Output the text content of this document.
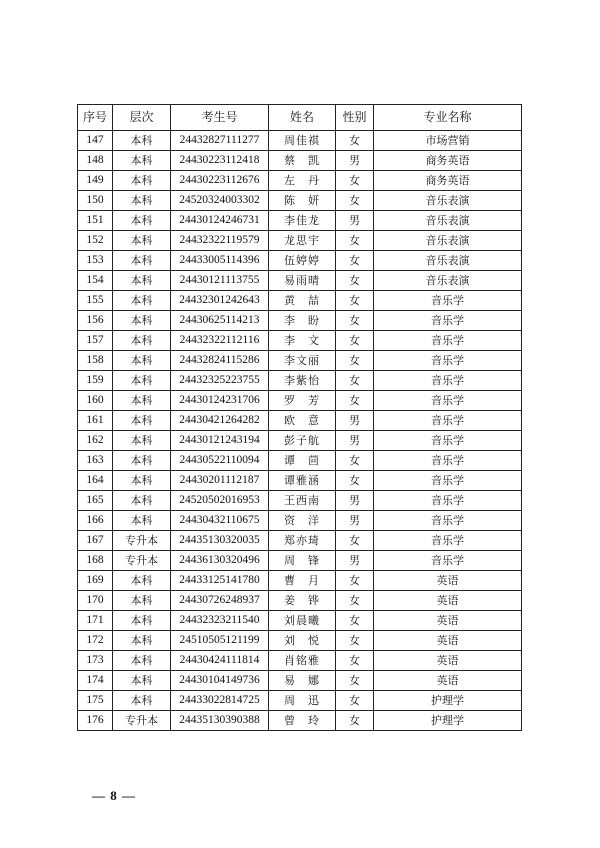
序号	层次	考生号	姓名	性别	专业名称
147	本科	24432827111277	周佳祺	女	市场营销
148	本科	24430223112418	蔡　凯	男	商务英语
149	本科	24430223112676	左　丹	女	商务英语
150	本科	24520324003302	陈　妍	女	音乐表演
151	本科	24430124246731	李佳龙	男	音乐表演
152	本科	24432322119579	龙思宇	女	音乐表演
153	本科	24433005114396	伍婷婷	女	音乐表演
154	本科	24430121113755	易雨晴	女	音乐表演
155	本科	24432301242643	黄　喆	女	音乐学
156	本科	24430625114213	李　盼	女	音乐学
157	本科	24432322112116	李　文	女	音乐学
158	本科	24432824115286	李文丽	女	音乐学
159	本科	24432325223755	李紫怡	女	音乐学
160	本科	24430124231706	罗　芳	女	音乐学
161	本科	24430421264282	欧　意	男	音乐学
162	本科	24430121243194	彭子航	男	音乐学
163	本科	24430522110094	谭　茴	女	音乐学
164	本科	24430201112187	谭雅涵	女	音乐学
165	本科	24520502016953	王西南	男	音乐学
166	本科	24430432110675	资　洋	男	音乐学
167	专升本	24435130320035	郑亦琦	女	音乐学
168	专升本	24436130320496	周　锋	男	音乐学
169	本科	24433125141780	曹　月	女	英语
170	本科	24430726248937	姜　铧	女	英语
171	本科	24432323211540	刘晨曦	女	英语
172	本科	24510505121199	刘　悦	女	英语
173	本科	24430424111814	肖铭雅	女	英语
174	本科	24430104149736	易　娜	女	英语
175	本科	24433022814725	周　迅	女	护理学
176	专升本	24435130390388	曾　玲	女	护理学
— 8 —
